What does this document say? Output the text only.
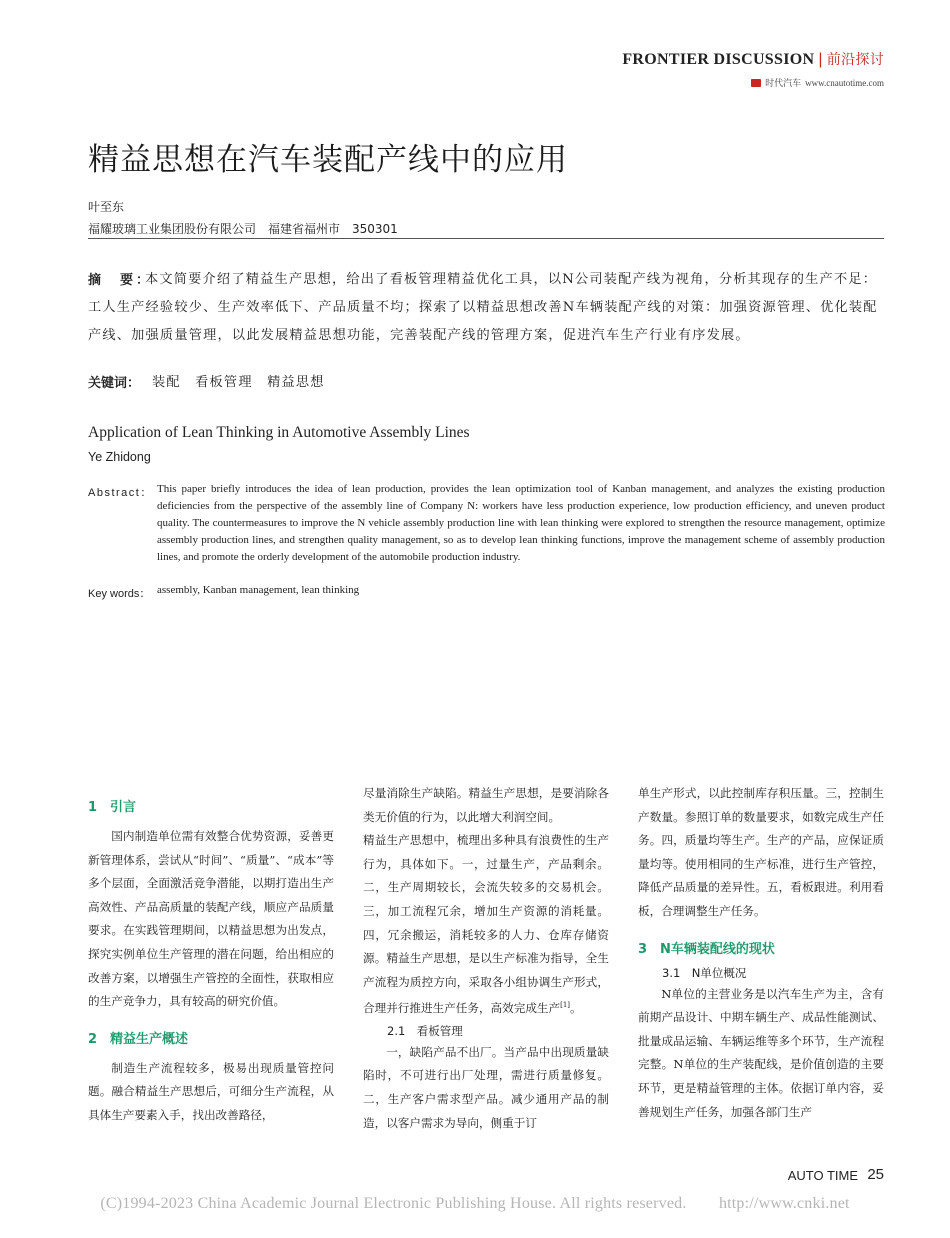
FRONTIER DISCUSSION | 前沿探讨
时代汽车 www.cnautotime.com
精益思想在汽车装配产线中的应用
叶至东
福耀玻璃工业集团股份有限公司　福建省福州市　350301
摘　要：
本文简要介绍了精益生产思想，给出了看板管理精益优化工具，以N公司装配产线为视角，分析其现存的生产不足：工人生产经验较少、生产效率低下、产品质量不均；探索了以精益思想改善N车辆装配产线的对策：加强资源管理、优化装配产线、加强质量管理，以此发展精益思想功能，完善装配产线的管理方案，促进汽车生产行业有序发展。
关键词： 装配　看板管理　精益思想
Application of Lean Thinking in Automotive Assembly Lines
Ye Zhidong
Abstract： This paper briefly introduces the idea of lean production, provides the lean optimization tool of Kanban management, and analyzes the existing production deficiencies from the perspective of the assembly line of Company N: workers have less production experience, low production efficiency, and uneven product quality. The countermeasures to improve the N vehicle assembly production line with lean thinking were explored to strengthen the resource management, optimize assembly production lines, and strengthen quality management, so as to develop lean thinking functions, improve the management scheme of assembly production lines, and promote the orderly development of the automobile production industry.
Key words： assembly, Kanban management, lean thinking
1　引言

国内制造单位需有效整合优势资源，妥善更新管理体系，尝试从“时间”、“质量”、“成本”等多个层面，全面激活竞争潜能，以期打造出生产高效性、产品高质量的装配产线，顺应产品质量要求。在实践管理期间，以精益思想为出发点，探究实例单位生产管理的潜在问题，给出相应的改善方案，以增强生产管控的全面性，获取相应的生产竞争力，具有较高的研究价值。

2　精益生产概述

制造生产流程较多，极易出现质量管控问题。融合精益生产思想后，可细分生产流程，从具体生产要素入手，找出改善路径，

尽量消除生产缺陷。精益生产思想，是要消除各类无价值的行为，以此增大利润空间。

精益生产思想中，梳理出多种具有浪费性的生产行为，具体如下。一，过量生产，产品剩余。二，生产周期较长，会流失较多的交易机会。三，加工流程冗余，增加生产资源的消耗量。四，冗余搬运，消耗较多的人力、仓库存储资源。精益生产思想，是以生产标准为指导，全生产流程为质控方向，采取各小组协调生产形式，合理并行推进生产任务，高效完成生产[1]。

2.1　看板管理

一，缺陷产品不出厂。当产品中出现质量缺陷时，不可进行出厂处理，需进行质量修复。二，生产客户需求型产品。减少通用产品的制造，以客户需求为导向，侧重于订

单生产形式，以此控制库存积压量。三，控制生产数量。参照订单的数量要求，如数完成生产任务。四，质量均等生产。生产的产品，应保证质量均等。使用相同的生产标准，进行生产管控，降低产品质量的差异性。五，看板跟进。利用看板，合理调整生产任务。

3　N车辆装配线的现状
3.1　N单位概况

N单位的主营业务是以汽车生产为主，含有前期产品设计、中期车辆生产、成品性能测试、批量成品运输、车辆运维等多个环节，生产流程完整。N单位的生产装配线，是价值创造的主要环节，更是精益管理的主体。依据订单内容，妥善规划生产任务，加强各部门生产

AUTO TIME 25
(C)1994-2023 China Academic Journal Electronic Publishing House. All rights reserved.　　http://www.cnki.net
